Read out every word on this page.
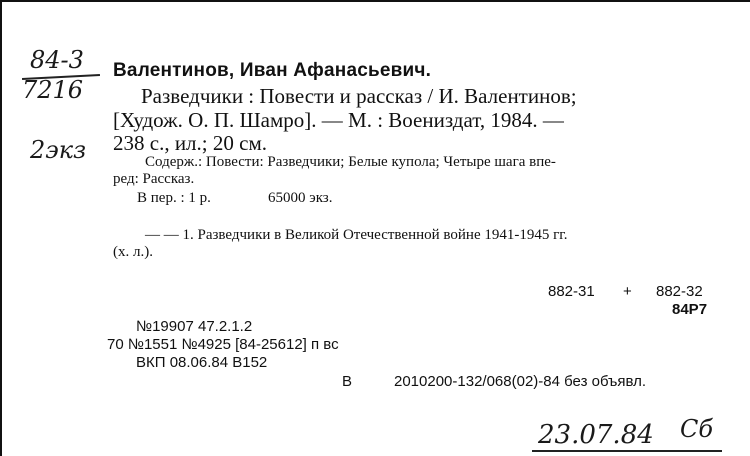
84-3
7216
2экз
Валентинов, Иван Афанасьевич.
Разведчики : Повести и рассказ / И. Валентинов;
[Худож. О. П. Шамро]. — М. : Воениздат, 1984. —
238 с., ил.; 20 см.
Содерж.: Повести: Разведчики; Белые купола; Четыре шага впе-
ред: Рассказ.
В пер. : 1 р.	65000 экз.
— — 1. Разведчики в Великой Отечественной войне 1941-1945 гг.
(х. л.).
882-31 + 882-32
84Р7
№19907 47.2.1.2
70 №1551 №4925 [84-25612] п вс
ВКП 08.06.84 В152
В	2010200-132/068(02)-84 без объявл.
23.07.84 Сб
